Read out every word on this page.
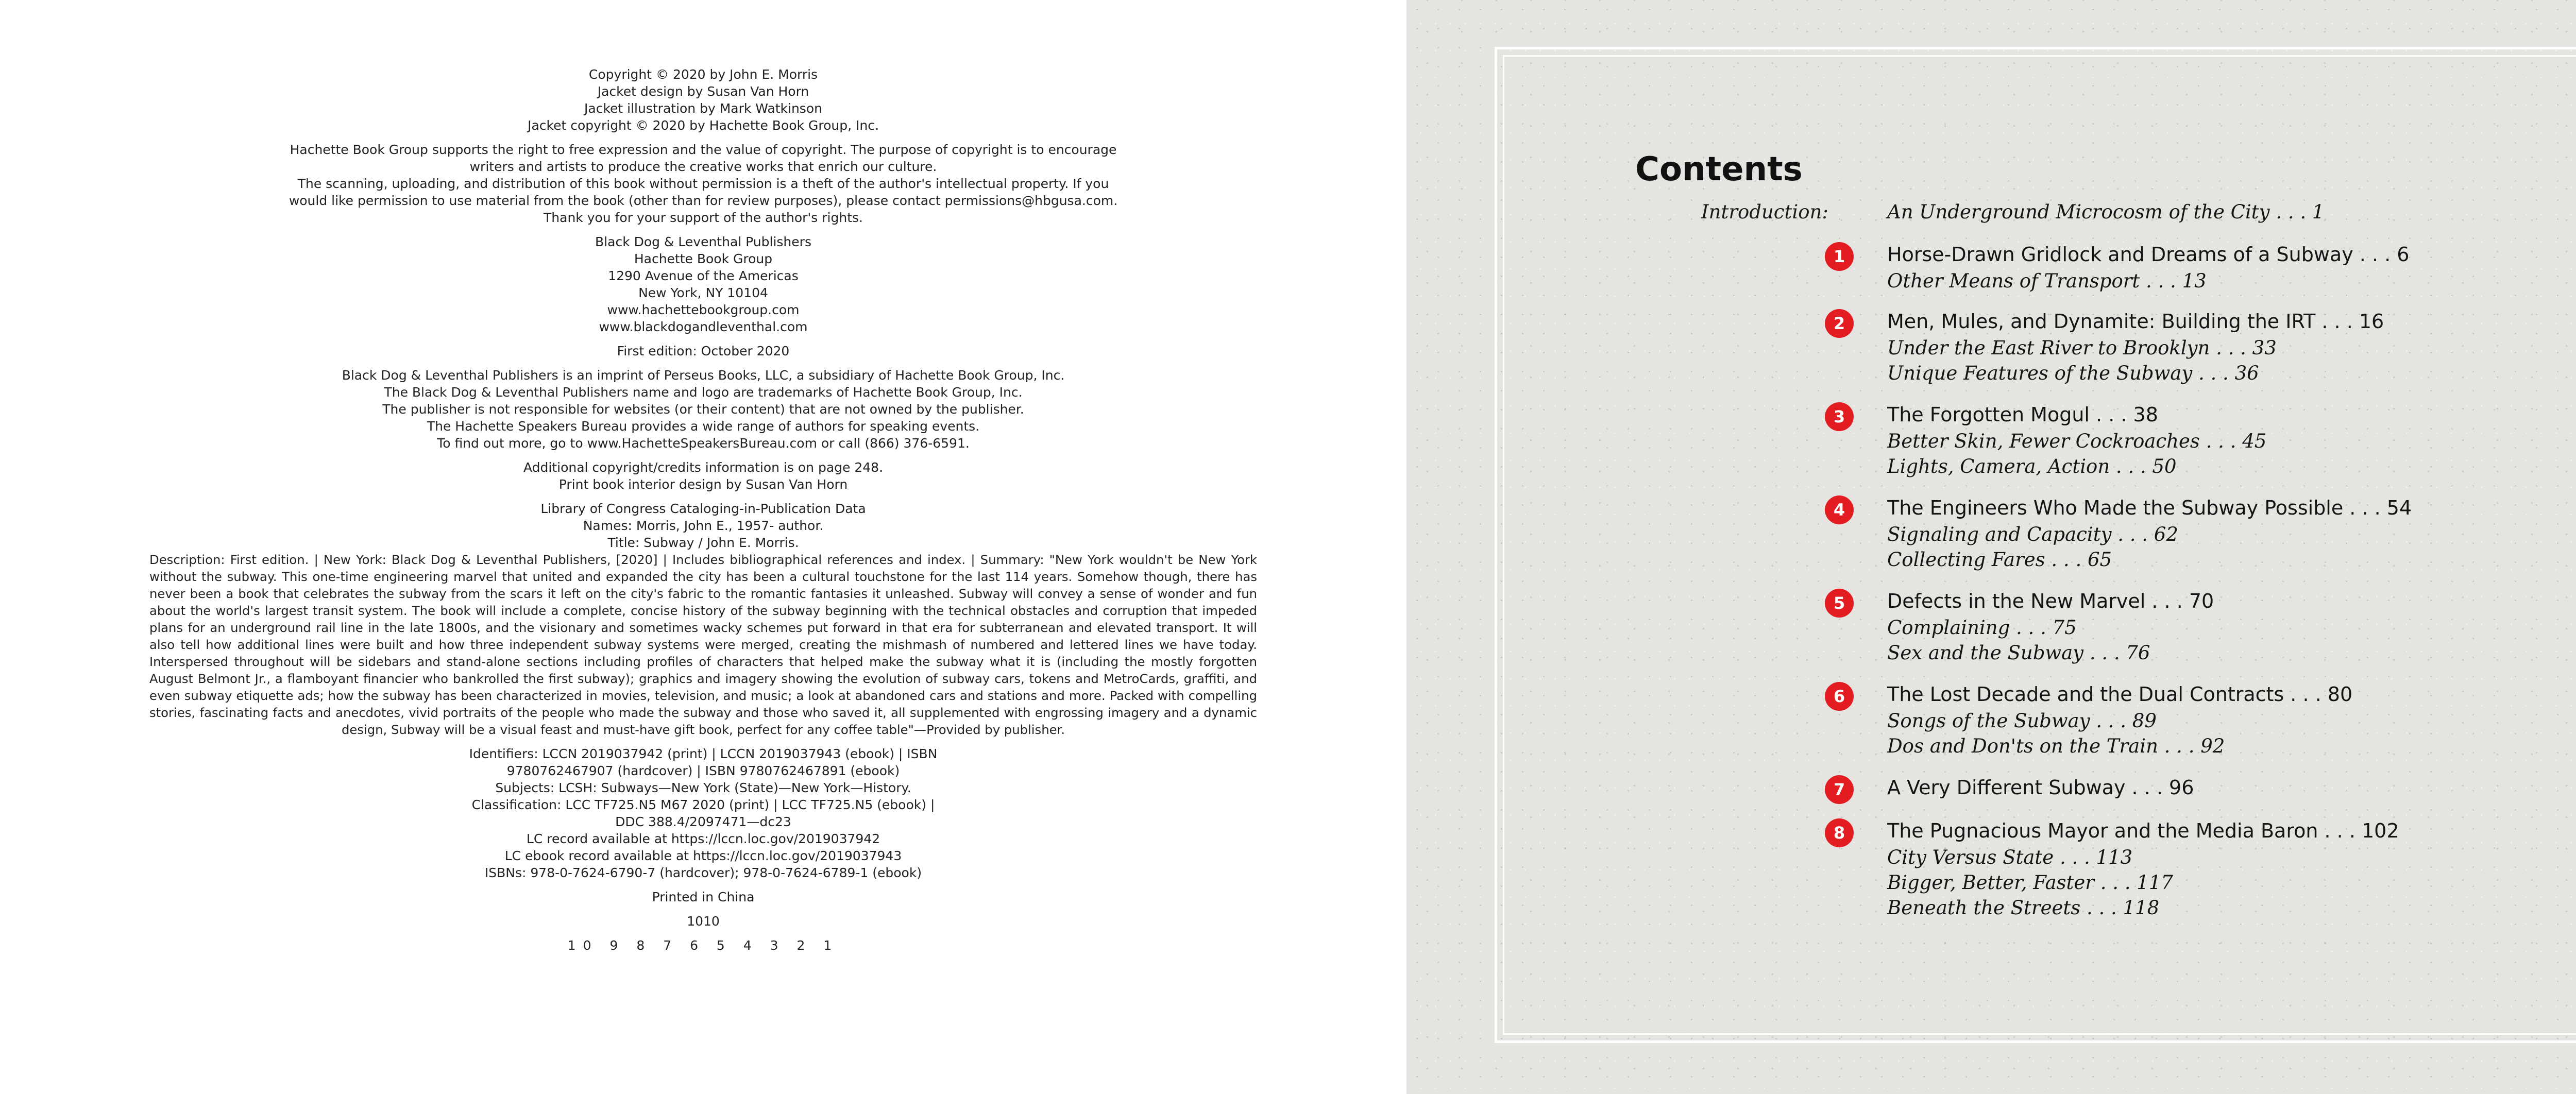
Copyright © 2020 by John E. Morris
Jacket design by Susan Van Horn
Jacket illustration by Mark Watkinson
Jacket copyright © 2020 by Hachette Book Group, Inc.
Hachette Book Group supports the right to free expression and the value of copyright. The purpose of copyright is to encourage
writers and artists to produce the creative works that enrich our culture.
The scanning, uploading, and distribution of this book without permission is a theft of the author's intellectual property. If you
would like permission to use material from the book (other than for review purposes), please contact permissions@hbgusa.com.
Thank you for your support of the author's rights.
Black Dog & Leventhal Publishers
Hachette Book Group
1290 Avenue of the Americas
New York, NY 10104
www.hachettebookgroup.com
www.blackdogandleventhal.com
First edition: October 2020
Black Dog & Leventhal Publishers is an imprint of Perseus Books, LLC, a subsidiary of Hachette Book Group, Inc.
The Black Dog & Leventhal Publishers name and logo are trademarks of Hachette Book Group, Inc.
The publisher is not responsible for websites (or their content) that are not owned by the publisher.
The Hachette Speakers Bureau provides a wide range of authors for speaking events.
To find out more, go to www.HachetteSpeakersBureau.com or call (866) 376-6591.
Additional copyright/credits information is on page 248.
Print book interior design by Susan Van Horn
Library of Congress Cataloging-in-Publication Data
Names: Morris, John E., 1957- author.
Title: Subway / John E. Morris.
Description: First edition. | New York: Black Dog & Leventhal Publishers, [2020] | Includes bibliographical references and index. | Summary: "New York wouldn't be New York without the subway. This one-time engineering marvel that united and expanded the city has been a cultural touchstone for the last 114 years. Somehow though, there has never been a book that celebrates the subway from the scars it left on the city's fabric to the romantic fantasies it unleashed. Subway will convey a sense of wonder and fun about the world's largest transit system. The book will include a complete, concise history of the subway beginning with the technical obstacles and corruption that impeded plans for an underground rail line in the late 1800s, and the visionary and sometimes wacky schemes put forward in that era for subterranean and elevated transport. It will also tell how additional lines were built and how three independent subway systems were merged, creating the mishmash of numbered and lettered lines we have today. Interspersed throughout will be sidebars and stand-alone sections including profiles of characters that helped make the subway what it is (including the mostly forgotten August Belmont Jr., a flamboyant financier who bankrolled the first subway); graphics and imagery showing the evolution of subway cars, tokens and MetroCards, graffiti, and even subway etiquette ads; how the subway has been characterized in movies, television, and music; a look at abandoned cars and stations and more. Packed with compelling stories, fascinating facts and anecdotes, vivid portraits of the people who made the subway and those who saved it, all supplemented with engrossing imagery and a dynamic design, Subway will be a visual feast and must-have gift book, perfect for any coffee table"—Provided by publisher.
Identifiers: LCCN 2019037942 (print) | LCCN 2019037943 (ebook) | ISBN
9780762467907 (hardcover) | ISBN 9780762467891 (ebook)
Subjects: LCSH: Subways—New York (State)—New York—History.
Classification: LCC TF725.N5 M67 2020 (print) | LCC TF725.N5 (ebook) |
DDC 388.4/2097471—dc23
LC record available at https://lccn.loc.gov/2019037942
LC ebook record available at https://lccn.loc.gov/2019037943
ISBNs: 978-0-7624-6790-7 (hardcover); 978-0-7624-6789-1 (ebook)
Printed in China
1010
10 9 8 7 6 5 4 3 2 1
Contents
Introduction:	An Underground Microcosm of the City . . . 1
1	Horse-Drawn Gridlock and Dreams of a Subway . . . 6
Other Means of Transport . . . 13
2	Men, Mules, and Dynamite: Building the IRT . . . 16
Under the East River to Brooklyn . . . 33
Unique Features of the Subway . . . 36
3	The Forgotten Mogul . . . 38
Better Skin, Fewer Cockroaches . . . 45
Lights, Camera, Action . . . 50
4	The Engineers Who Made the Subway Possible . . . 54
Signaling and Capacity . . . 62
Collecting Fares . . . 65
5	Defects in the New Marvel . . . 70
Complaining . . . 75
Sex and the Subway . . . 76
6	The Lost Decade and the Dual Contracts . . . 80
Songs of the Subway . . . 89
Dos and Don'ts on the Train . . . 92
7	A Very Different Subway . . . 96
8	The Pugnacious Mayor and the Media Baron . . . 102
City Versus State . . . 113
Bigger, Better, Faster . . . 117
Beneath the Streets . . . 118
